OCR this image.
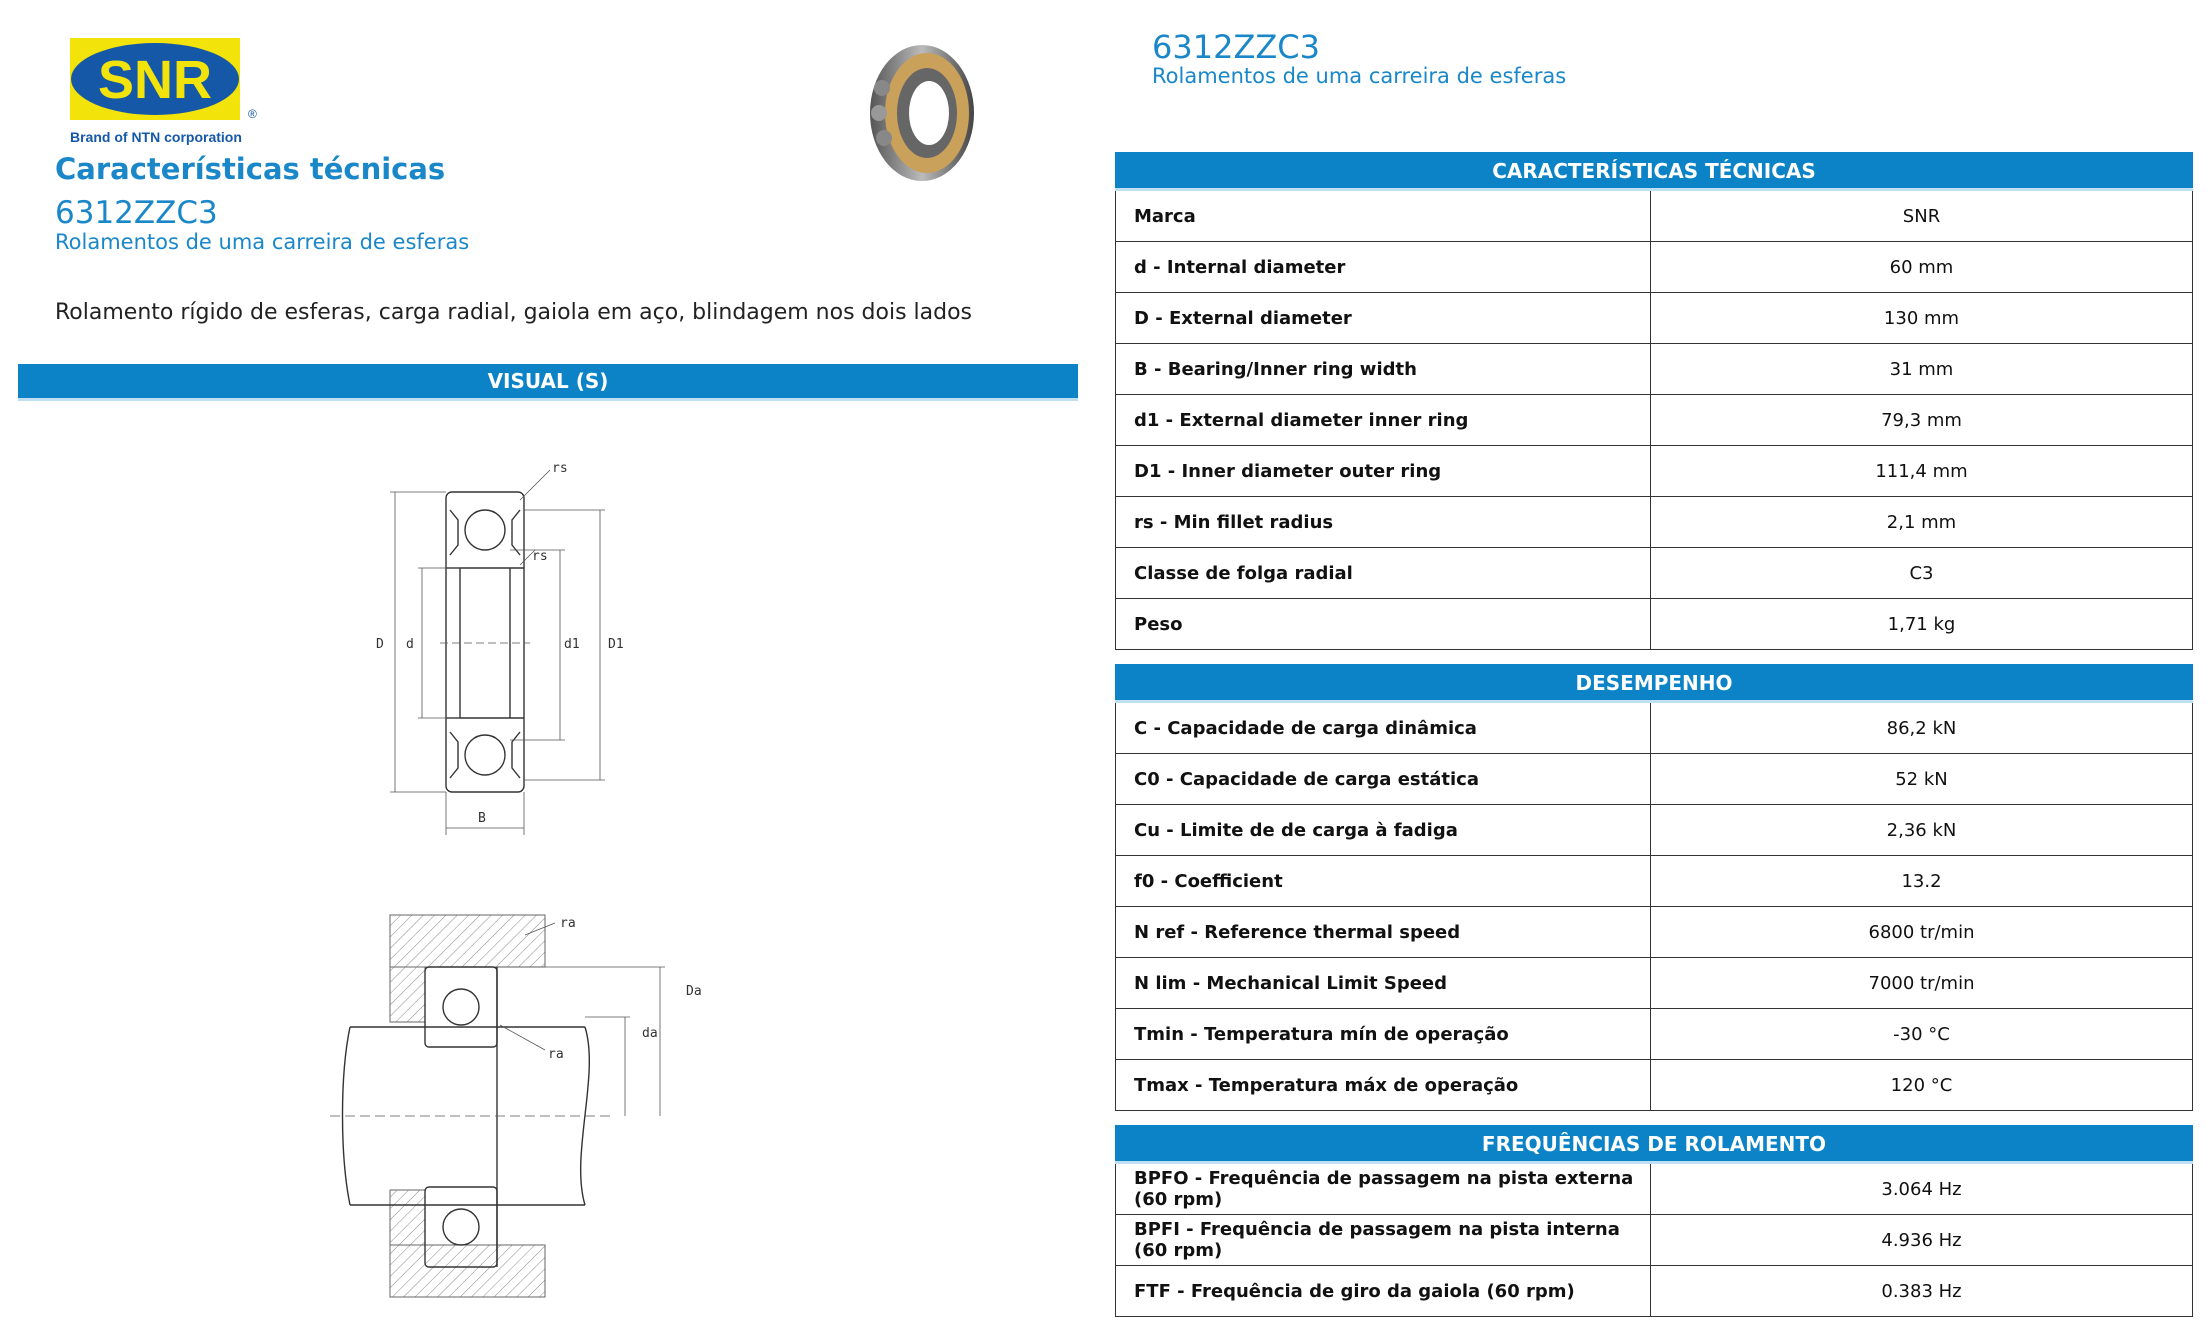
SNR
®
Brand of NTN corporation
Características técnicas
6312ZZC3
Rolamentos de uma carreira de esferas
Rolamento rígido de esferas, carga radial, gaiola em aço, blindagem nos dois lados
VISUAL (S)
rs
rs
D d	d1 D1
B
ra
ra
Da
da
6312ZZC3
Rolamentos de uma carreira de esferas
CARACTERÍSTICAS TÉCNICAS
Marca	SNR
d - Internal diameter	60 mm
D - External diameter	130 mm
B - Bearing/Inner ring width	31 mm
d1 - External diameter inner ring	79,3 mm
D1 - Inner diameter outer ring	111,4 mm
rs - Min fillet radius	2,1 mm
Classe de folga radial	C3
Peso	1,71 kg
DESEMPENHO
C - Capacidade de carga dinâmica	86,2 kN
C0 - Capacidade de carga estática	52 kN
Cu - Limite de de carga à fadiga	2,36 kN
f0 - Coefficient	13.2
N ref - Reference thermal speed	6800 tr/min
N lim - Mechanical Limit Speed	7000 tr/min
Tmin - Temperatura mín de operação	-30 °C
Tmax - Temperatura máx de operação	120 °C
FREQUÊNCIAS DE ROLAMENTO
BPFO - Frequência de passagem na pista externa (60 rpm)	3.064 Hz
BPFI - Frequência de passagem na pista interna (60 rpm)	4.936 Hz
FTF - Frequência de giro da gaiola (60 rpm)	0.383 Hz
